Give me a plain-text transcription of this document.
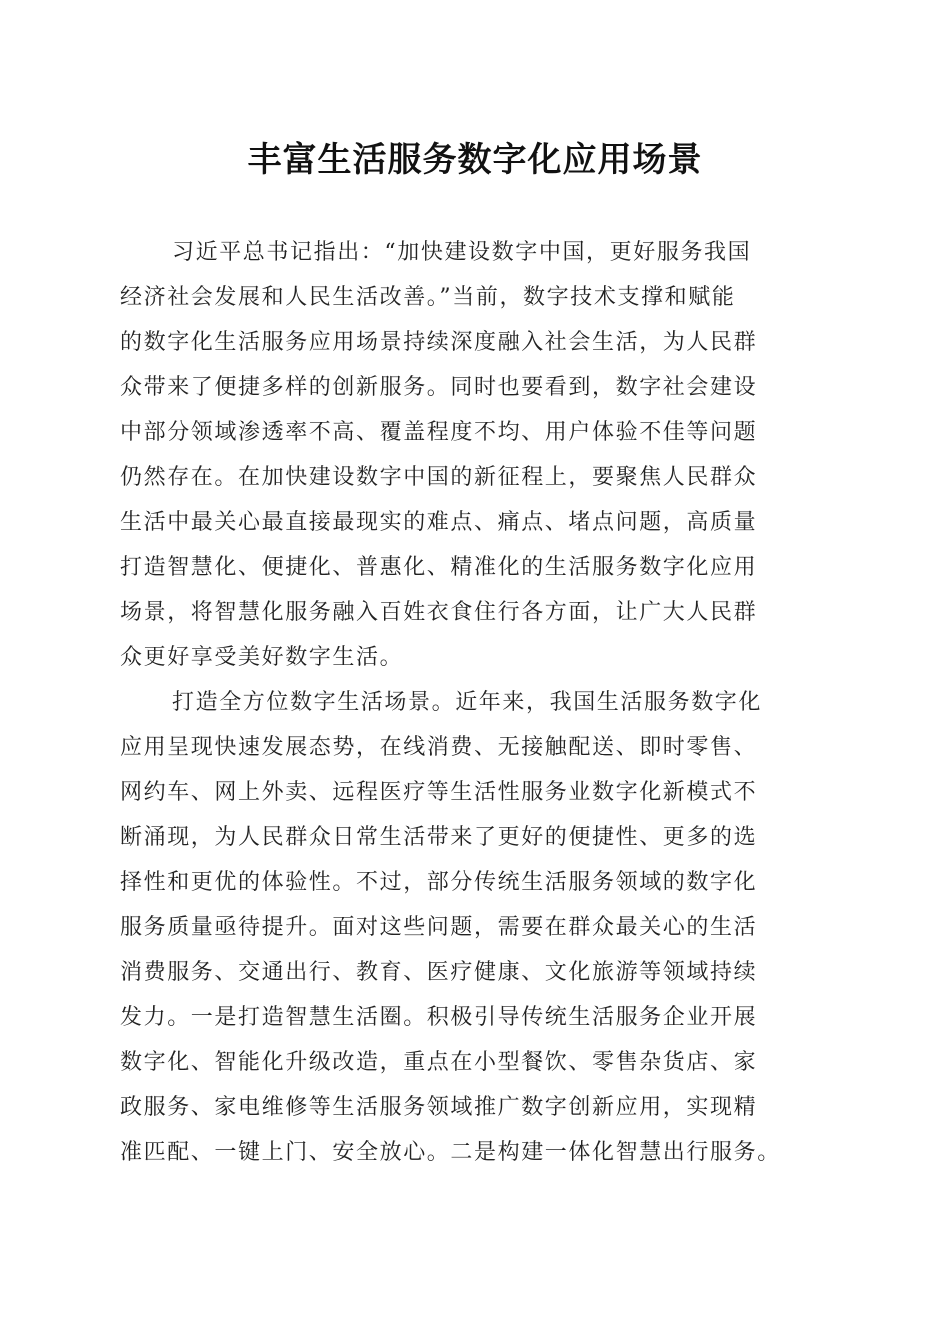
丰富生活服务数字化应用场景
习近平总书记指出：“加快建设数字中国，更好服务我国
经济社会发展和人民生活改善。”当前，数字技术支撑和赋能
的数字化生活服务应用场景持续深度融入社会生活，为人民群
众带来了便捷多样的创新服务。同时也要看到，数字社会建设
中部分领域渗透率不高、覆盖程度不均、用户体验不佳等问题
仍然存在。在加快建设数字中国的新征程上，要聚焦人民群众
生活中最关心最直接最现实的难点、痛点、堵点问题，高质量
打造智慧化、便捷化、普惠化、精准化的生活服务数字化应用
场景，将智慧化服务融入百姓衣食住行各方面，让广大人民群
众更好享受美好数字生活。
打造全方位数字生活场景。近年来，我国生活服务数字化
应用呈现快速发展态势，在线消费、无接触配送、即时零售、
网约车、网上外卖、远程医疗等生活性服务业数字化新模式不
断涌现，为人民群众日常生活带来了更好的便捷性、更多的选
择性和更优的体验性。不过，部分传统生活服务领域的数字化
服务质量亟待提升。面对这些问题，需要在群众最关心的生活
消费服务、交通出行、教育、医疗健康、文化旅游等领域持续
发力。一是打造智慧生活圈。积极引导传统生活服务企业开展
数字化、智能化升级改造，重点在小型餐饮、零售杂货店、家
政服务、家电维修等生活服务领域推广数字创新应用，实现精
准匹配、一键上门、安全放心。二是构建一体化智慧出行服务。
